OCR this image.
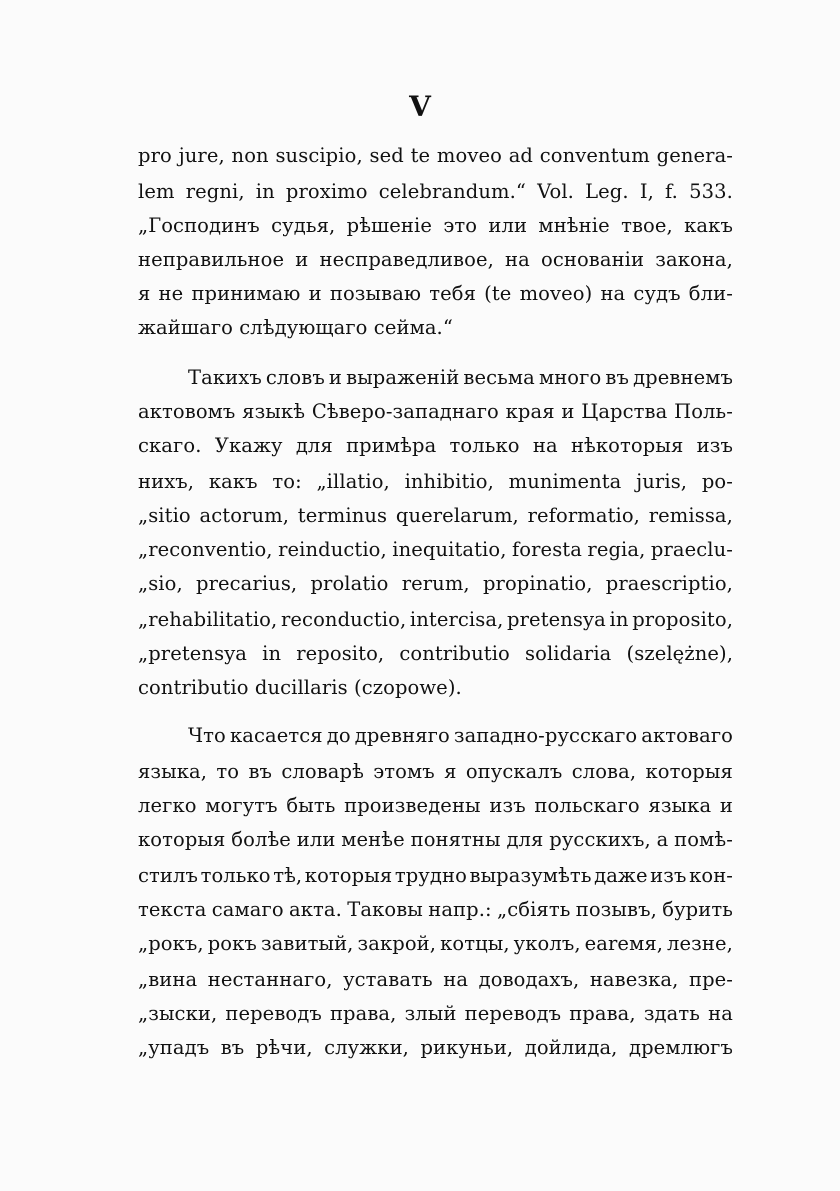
V
pro jure, non suscipio, sed te moveo ad conventum genera-
lem regni, in proximo celebrandum.“ Vol. Leg. I, f. 533.
„Господинъ судья, рѣшеніе это или мнѣніе твое, какъ
неправильное и несправедливое, на основаніи закона,
я не принимаю и позываю тебя (te moveo) на судъ бли-
жайшаго слѣдующаго сейма.“
Такихъ словъ и выраженій весьма много въ древнемъ
актовомъ языкѣ Сѣверо-западнаго края и Царства Поль-
скаго. Укажу для примѣра только на нѣкоторыя изъ
нихъ, какъ то: „illatio, inhibitio, munimenta juris, po-
„sitio actorum, terminus querelarum, reformatio, remissa,
„reconventio, reinductio, inequitatio, foresta regia, praeclu-
„sio, precarius, prolatio rerum, propinatio, praescriptio,
„rehabilitatio, reconductio, intercisa, pretensya in proposito,
„pretensya in reposito, contributio solidaria (szelężne),
contributio ducillaris (czopowe).
Что касается до древняго западно-русскаго актоваго
языка, то въ словарѣ этомъ я опускалъ слова, которыя
легко могутъ быть произведены изъ польскаго языка и
которыя болѣе или менѣе понятны для русскихъ, а помѣ-
стилъ только тѣ, которыя трудно выразумѣть даже изъ кон-
текста самаго акта. Таковы напр.: „сбіять позывъ, бурить
„рокъ, рокъ завитый, закрой, котцы, уколъ, earемя, лезне,
„вина нестаннаго, уставать на доводахъ, навезка, пре-
„зыски, переводъ права, злый переводъ права, здать на
„упадъ въ рѣчи, служки, рикуньи, дойлида, дремлюгъ
